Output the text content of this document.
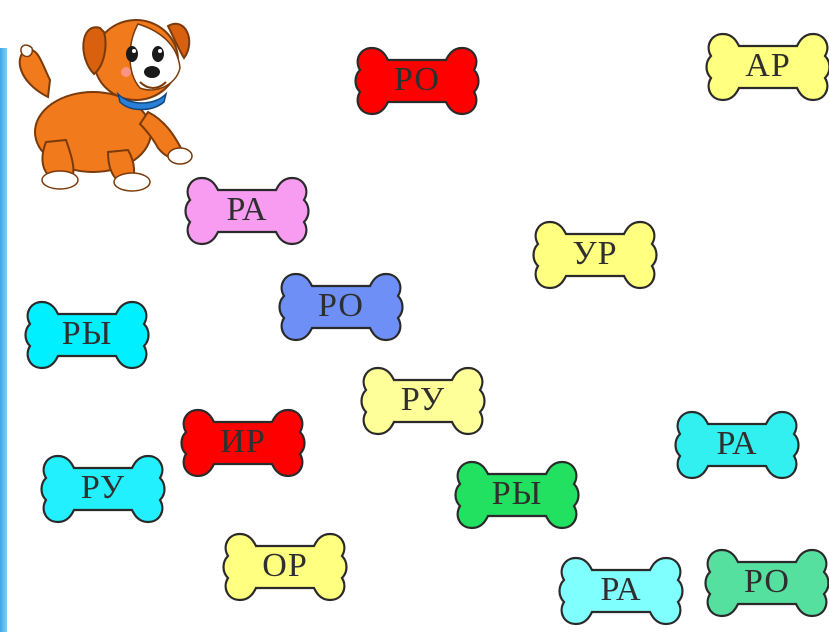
РО	АР
РА
УР
РО
РЫ
РУ
ИР	РА
РУ	РЫ
ОР
РА	РО
